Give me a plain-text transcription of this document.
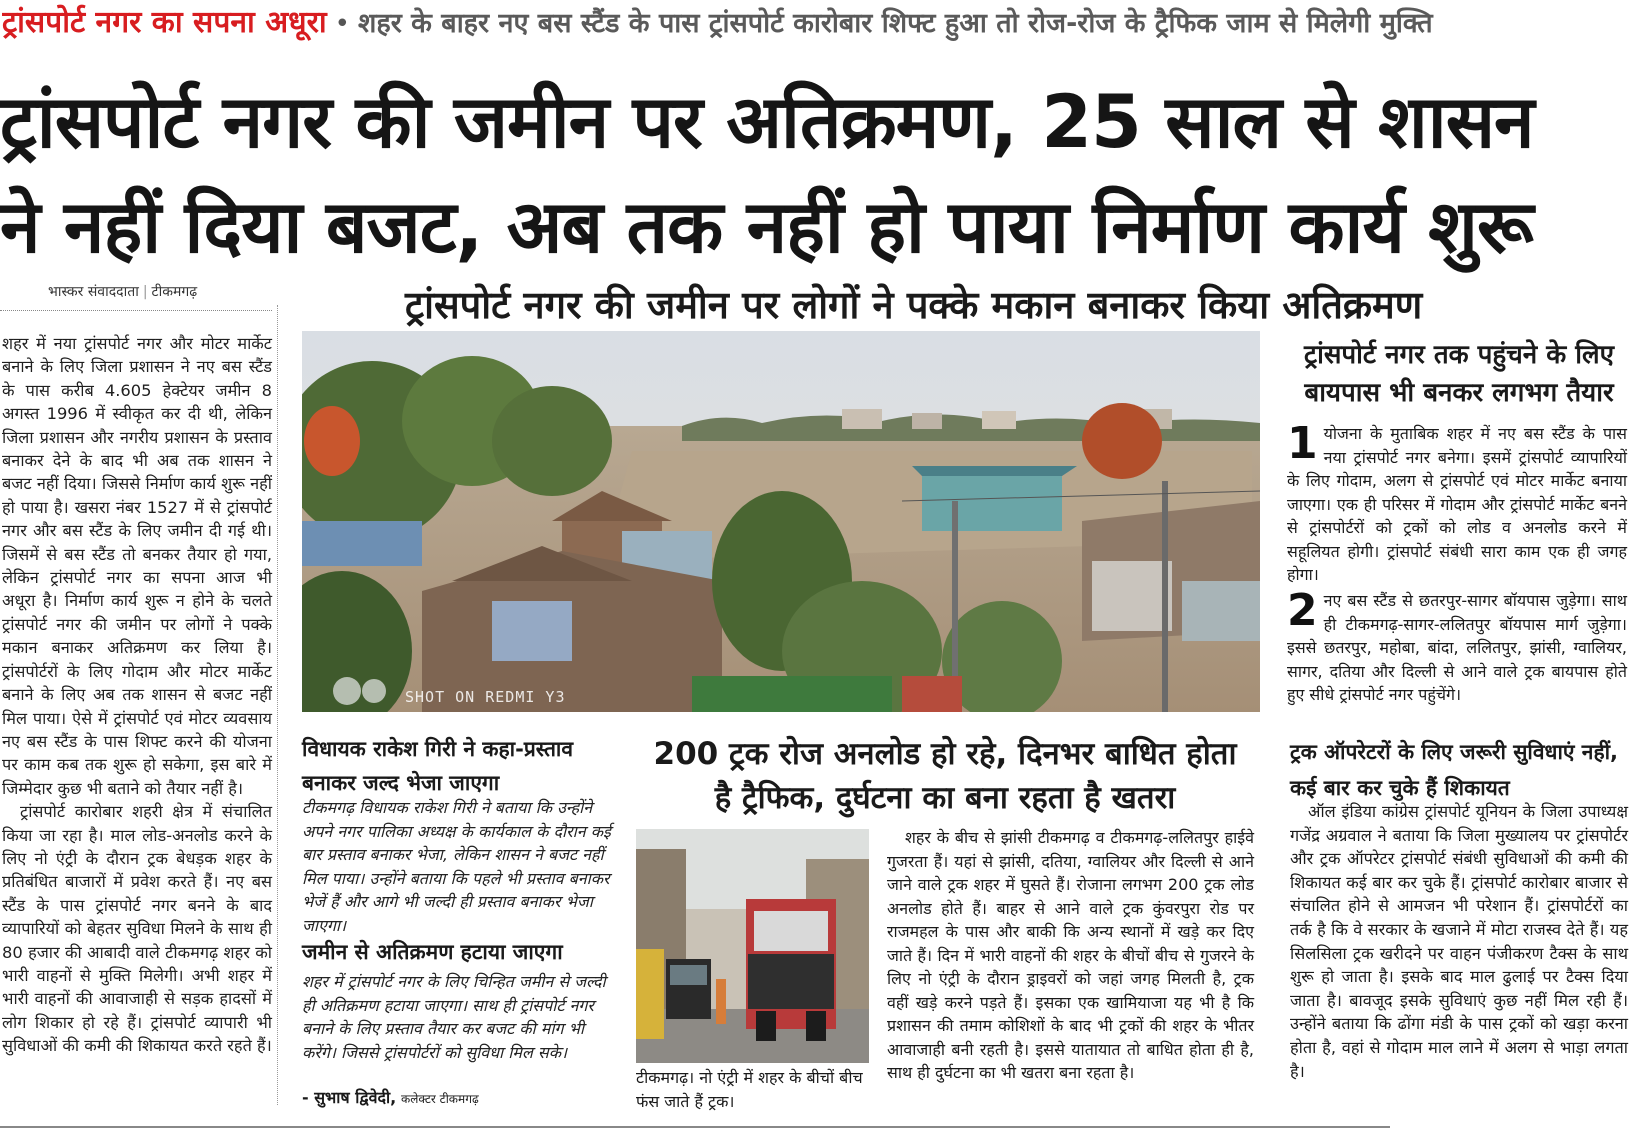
ट्रांसपोर्ट नगर का सपना अधूरा • शहर के बाहर नए बस स्टैंड के पास ट्रांसपोर्ट कारोबार शिफ्ट हुआ तो रोज-रोज के ट्रैफिक जाम से मिलेगी मुक्ति
ट्रांसपोर्ट नगर की जमीन पर अतिक्रमण, 25 साल से शासन
ने नहीं दिया बजट, अब तक नहीं हो पाया निर्माण कार्य शुरू
भास्कर संवाददाता | टीकमगढ़	ट्रांसपोर्ट नगर की जमीन पर लोगों ने पक्के मकान बनाकर किया अतिक्रमण

शहर में नया ट्रांसपोर्ट नगर और मोटर मार्केट बनाने के लिए जिला प्रशासन ने नए बस स्टैंड के पास करीब 4.605 हेक्टेयर जमीन 8 अगस्त 1996 में स्वीकृत कर दी थी, लेकिन जिला प्रशासन और नगरीय प्रशासन के प्रस्ताव बनाकर देने के बाद भी अब तक शासन ने बजट नहीं दिया। जिससे निर्माण कार्य शुरू नहीं हो पाया है। खसरा नंबर 1527 में से ट्रांसपोर्ट नगर और बस स्टैंड के लिए जमीन दी गई थी। जिसमें से बस स्टैंड तो बनकर तैयार हो गया, लेकिन ट्रांसपोर्ट नगर का सपना आज भी अधूरा है। निर्माण कार्य शुरू न होने के चलते ट्रांसपोर्ट नगर की जमीन पर लोगों ने पक्के मकान बनाकर अतिक्रमण कर लिया है। ट्रांसपोर्टरों के लिए गोदाम और मोटर मार्केट बनाने के लिए अब तक शासन से बजट नहीं मिल पाया। ऐसे में ट्रांसपोर्ट एवं मोटर व्यवसाय नए बस स्टैंड के पास शिफ्ट करने की योजना पर काम कब तक शुरू हो सकेगा, इस बारे में जिम्मेदार कुछ भी बताने को तैयार नहीं है।

ट्रांसपोर्ट कारोबार शहरी क्षेत्र में संचालित किया जा रहा है। माल लोड-अनलोड करने के लिए नो एंट्री के दौरान ट्रक बेधड़क शहर के प्रतिबंधित बाजारों में प्रवेश करते हैं। नए बस स्टैंड के पास ट्रांसपोर्ट नगर बनने के बाद व्यापारियों को बेहतर सुविधा मिलने के साथ ही 80 हजार की आबादी वाले टीकमगढ़ शहर को भारी वाहनों से मुक्ति मिलेगी। अभी शहर में भारी वाहनों की आवाजाही से सड़क हादसों में लोग शिकार हो रहे हैं। ट्रांसपोर्ट व्यापारी भी सुविधाओं की कमी की शिकायत करते रहते हैं।

SHOT ON REDMI Y3
ट्रांसपोर्ट नगर तक पहुंचने के लिए बायपास भी बनकर लगभग तैयार
1 योजना के मुताबिक शहर में नए बस स्टैंड के पास नया ट्रांसपोर्ट नगर बनेगा। इसमें ट्रांसपोर्ट व्यापारियों के लिए गोदाम, अलग से ट्रांसपोर्ट एवं मोटर मार्केट बनाया जाएगा। एक ही परिसर में गोदाम और ट्रांसपोर्ट मार्केट बनने से ट्रांसपोर्टरों को ट्रकों को लोड व अनलोड करने में सहूलियत होगी। ट्रांसपोर्ट संबंधी सारा काम एक ही जगह होगा।
2 नए बस स्टैंड से छतरपुर-सागर बॉयपास जुड़ेगा। साथ ही टीकमगढ़-सागर-ललितपुर बॉयपास मार्ग जुड़ेगा। इससे छतरपुर, महोबा, बांदा, ललितपुर, झांसी, ग्वालियर, सागर, दतिया और दिल्ली से आने वाले ट्रक बायपास होते हुए सीधे ट्रांसपोर्ट नगर पहुंचेंगे।
विधायक राकेश गिरी ने कहा-प्रस्ताव बनाकर जल्द भेजा जाएगा
टीकमगढ़ विधायक राकेश गिरी ने बताया कि उन्होंने अपने नगर पालिका अध्यक्ष के कार्यकाल के दौरान कई बार प्रस्ताव बनाकर भेजा, लेकिन शासन ने बजट नहीं मिल पाया। उन्होंने बताया कि पहले भी प्रस्ताव बनाकर भेजें हैं और आगे भी जल्दी ही प्रस्ताव बनाकर भेजा जाएगा।
जमीन से अतिक्रमण हटाया जाएगा
शहर में ट्रांसपोर्ट नगर के लिए चिन्हित जमीन से जल्दी ही अतिक्रमण हटाया जाएगा। साथ ही ट्रांसपोर्ट नगर बनाने के लिए प्रस्ताव तैयार कर बजट की मांग भी करेंगे। जिससे ट्रांसपोर्टरों को सुविधा मिल सके।
- सुभाष द्विवेदी, कलेक्टर टीकमगढ़
200 ट्रक रोज अनलोड हो रहे, दिनभर बाधित होता है ट्रैफिक, दुर्घटना का बना रहता है खतरा
टीकमगढ़। नो एंट्री में शहर के बीचों बीच फंस जाते हैं ट्रक।
शहर के बीच से झांसी टीकमगढ़ व टीकमगढ़-ललितपुर हाईवे गुजरता हैं। यहां से झांसी, दतिया, ग्वालियर और दिल्ली से आने जाने वाले ट्रक शहर में घुसते हैं। रोजाना लगभग 200 ट्रक लोड अनलोड होते हैं। बाहर से आने वाले ट्रक कुंवरपुरा रोड पर राजमहल के पास और बाकी कि अन्य स्थानों में खड़े कर दिए जाते हैं। दिन में भारी वाहनों की शहर के बीचों बीच से गुजरने के लिए नो एंट्री के दौरान ड्राइवरों को जहां जगह मिलती है, ट्रक वहीं खड़े करने पड़ते हैं। इसका एक खामियाजा यह भी है कि प्रशासन की तमाम कोशिशों के बाद भी ट्रकों की शहर के भीतर आवाजाही बनी रहती है। इससे यातायात तो बाधित होता ही है, साथ ही दुर्घटना का भी खतरा बना रहता है।
ट्रक ऑपरेटरों के लिए जरूरी सुविधाएं नहीं, कई बार कर चुके हैं शिकायत
ऑल इंडिया कांग्रेस ट्रांसपोर्ट यूनियन के जिला उपाध्यक्ष गजेंद्र अग्रवाल ने बताया कि जिला मुख्यालय पर ट्रांसपोर्टर और ट्रक ऑपरेटर ट्रांसपोर्ट संबंधी सुविधाओं की कमी की शिकायत कई बार कर चुके हैं। ट्रांसपोर्ट कारोबार बाजार से संचालित होने से आमजन भी परेशान हैं। ट्रांसपोर्टरों का तर्क है कि वे सरकार के खजाने में मोटा राजस्व देते हैं। यह सिलसिला ट्रक खरीदने पर वाहन पंजीकरण टैक्स के साथ शुरू हो जाता है। इसके बाद माल ढुलाई पर टैक्स दिया जाता है। बावजूद इसके सुविधाएं कुछ नहीं मिल रही हैं। उन्होंने बताया कि ढोंगा मंडी के पास ट्रकों को खड़ा करना होता है, वहां से गोदाम माल लाने में अलग से भाड़ा लगता है।
